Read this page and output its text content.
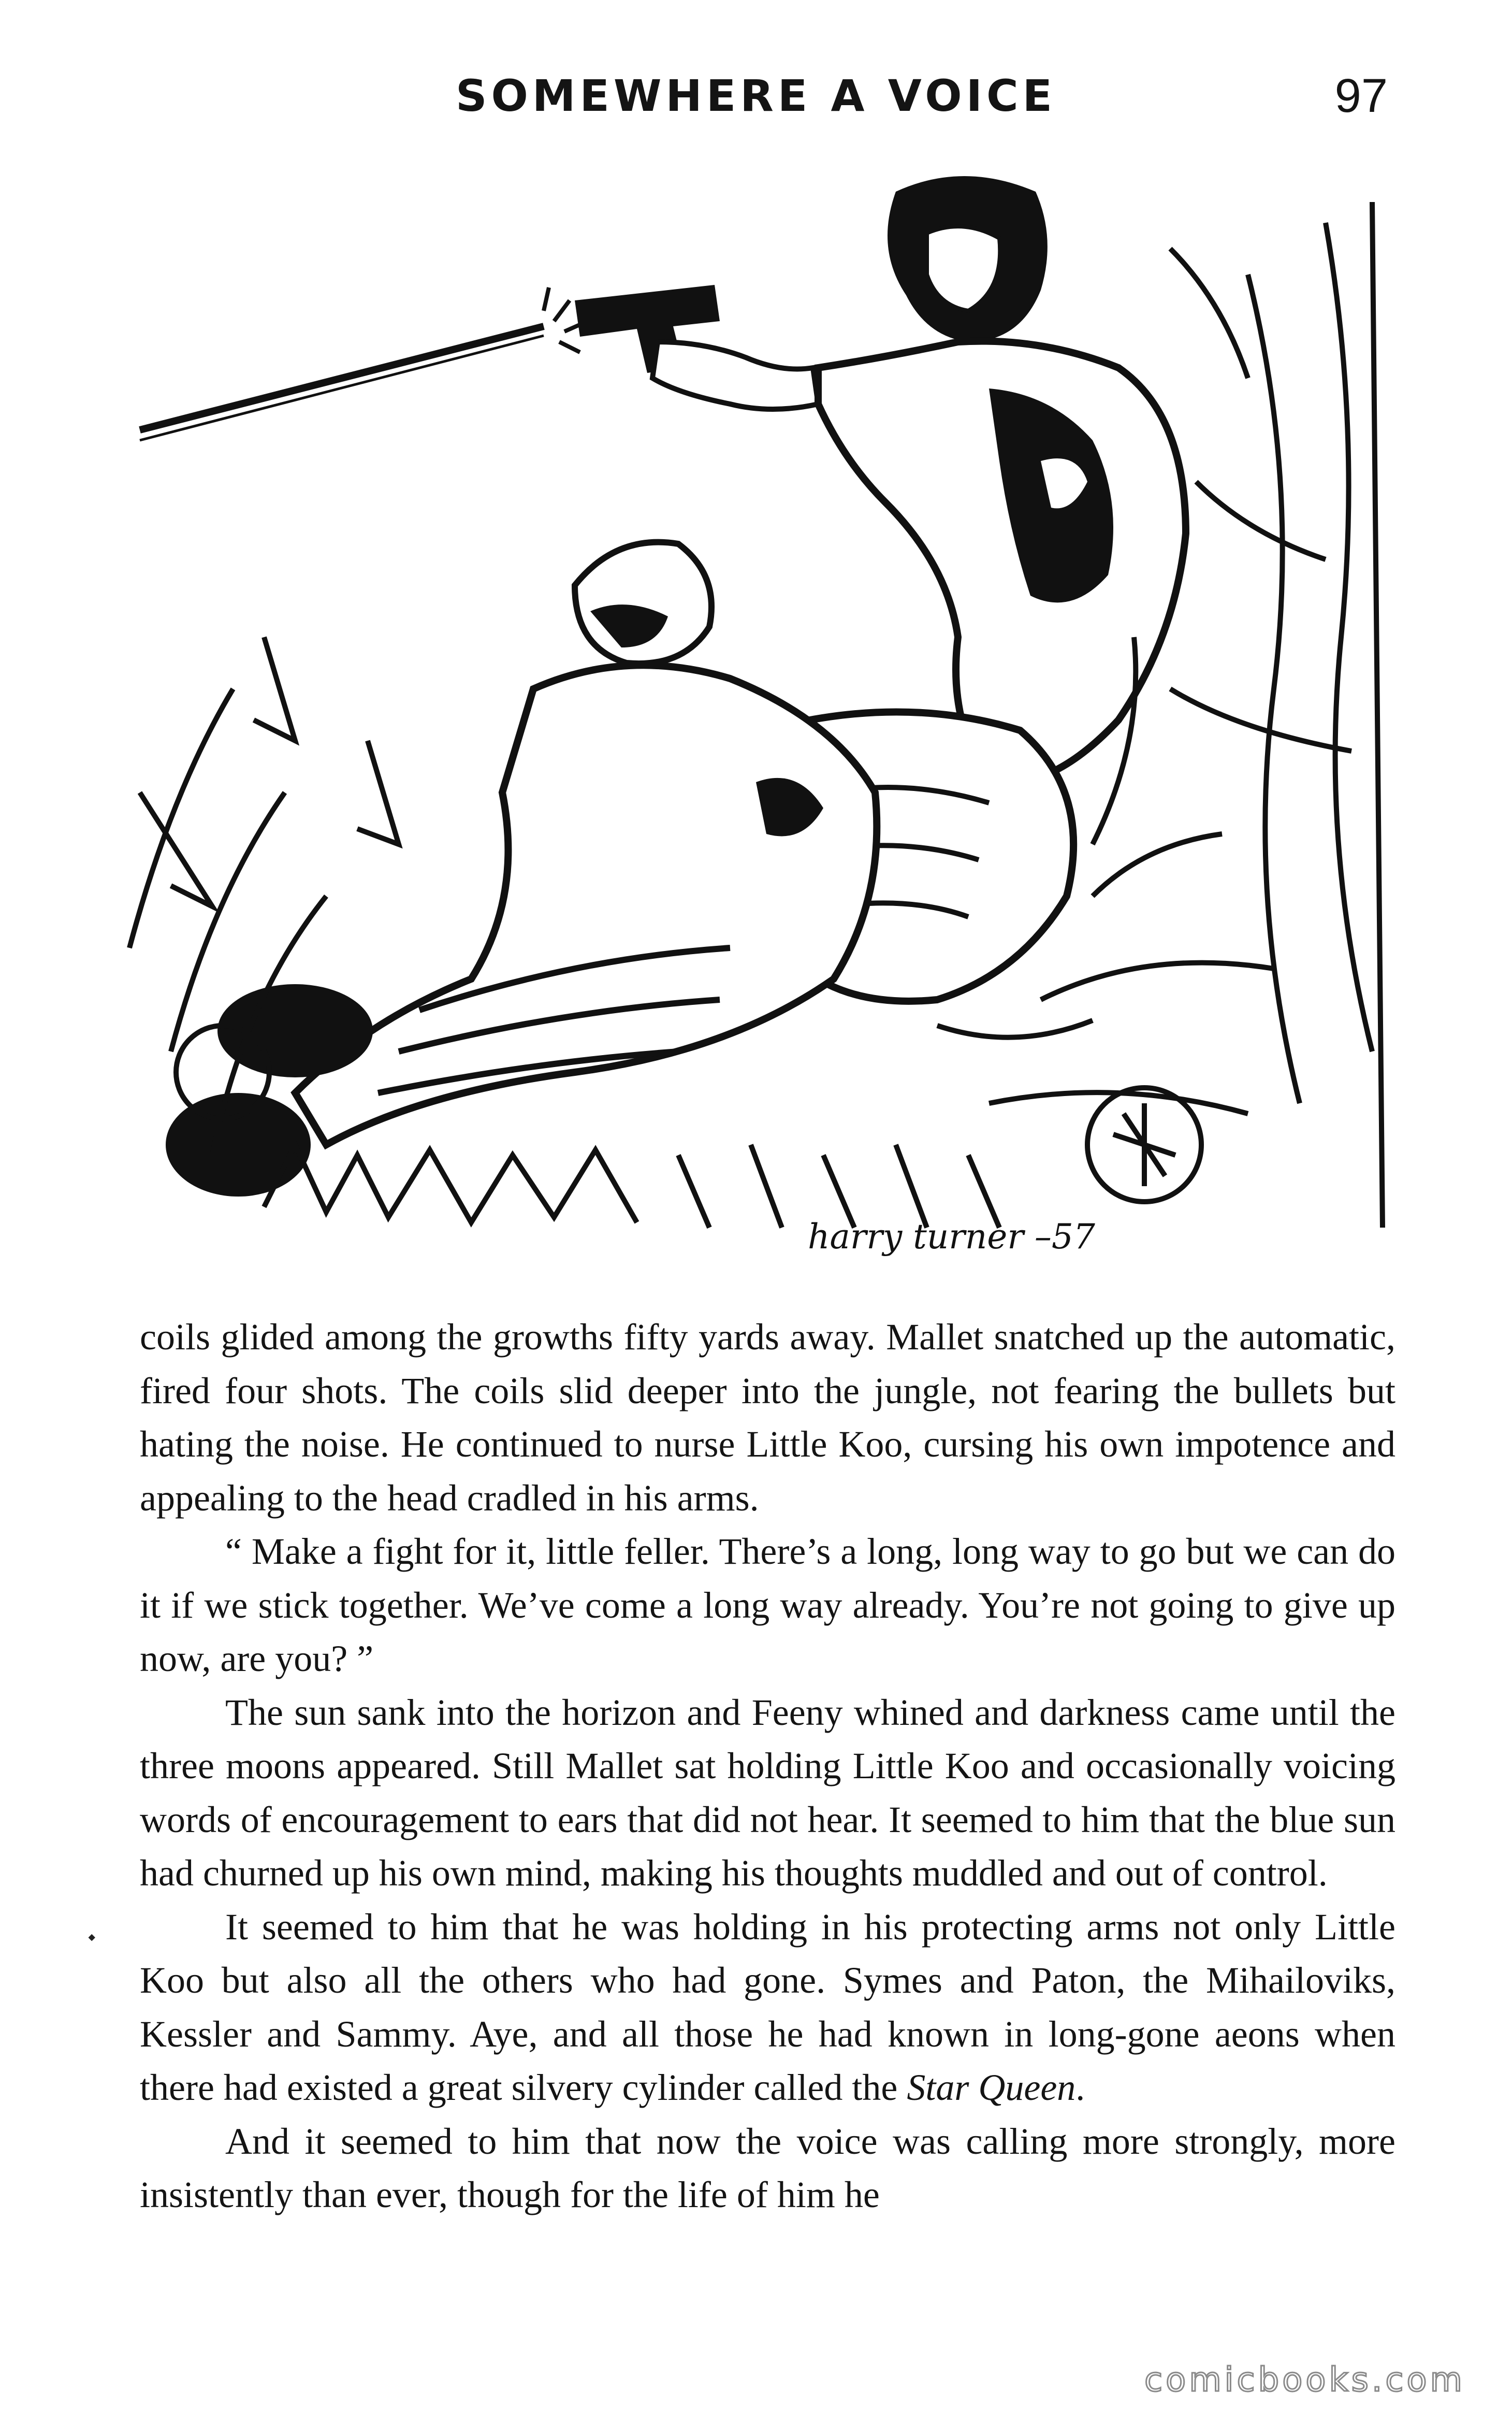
SOMEWHERE A VOICE	97
harry turner –57
⬩

coils glided among the growths fifty yards away. Mallet snatched up the automatic, fired four shots. The coils slid deeper into the jungle, not fearing the bullets but hating the noise. He continued to nurse Little Koo, cursing his own impotence and appealing to the head cradled in his arms.

“ Make a fight for it, little feller. There’s a long, long way to go but we can do it if we stick together. We’ve come a long way already. You’re not going to give up now, are you? ”

The sun sank into the horizon and Feeny whined and darkness came until the three moons appeared. Still Mallet sat holding Little Koo and occasionally voicing words of encouragement to ears that did not hear. It seemed to him that the blue sun had churned up his own mind, making his thoughts muddled and out of control.

It seemed to him that he was holding in his protecting arms not only Little Koo but also all the others who had gone. Symes and Paton, the Mihailoviks, Kessler and Sammy. Aye, and all those he had known in long-gone aeons when there had existed a great silvery cylinder called the Star Queen.

And it seemed to him that now the voice was calling more strongly, more insistently than ever, though for the life of him he

comicbooks.com
